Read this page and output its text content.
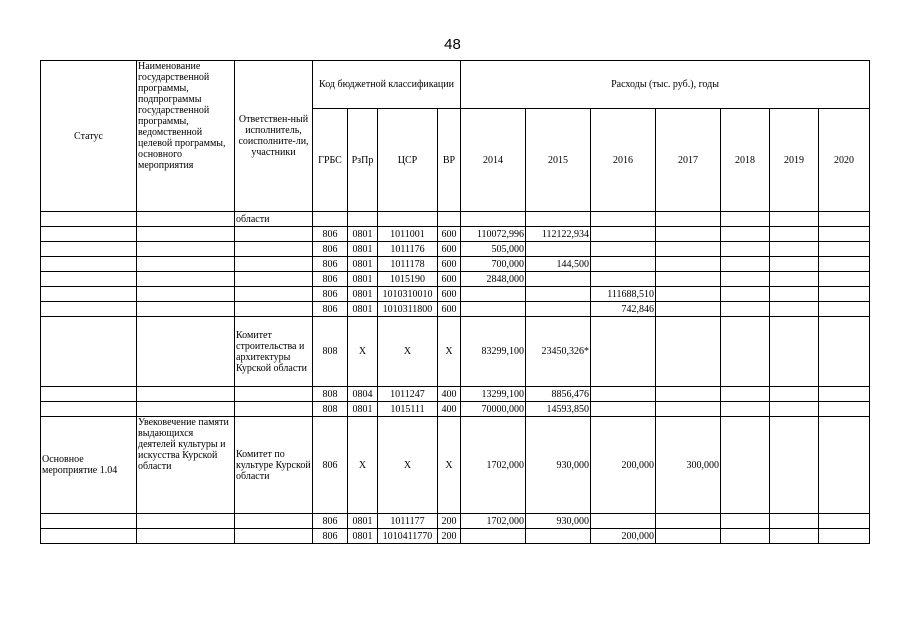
48
Статус	Наименование государственной программы, подпрограммы государственной программы, ведомственной целевой программы, основного мероприятия	Ответствен-ный исполнитель, соисполните-ли, участники	Код бюджетной классификации				Расходы (тыс. руб.), годы						
			ГРБС	РзПр	ЦСР	ВР	2014	2015	2016	2017	2018	2019	2020
		области											
			806	0801	1011001	600	110072,996	112122,934					
			806	0801	1011176	600	505,000						
			806	0801	1011178	600	700,000	144,500					
			806	0801	1015190	600	2848,000						
			806	0801	1010310010	600			111688,510				
			806	0801	1010311800	600			742,846				
		Комитет строительства и архитектуры Курской области	808	X	X	X	83299,100	23450,326*					
			808	0804	1011247	400	13299,100	8856,476					
			808	0801	1015111	400	70000,000	14593,850					
Основное мероприятие 1.04	Увековечение памяти выдающихся деятелей культуры и искусства Курской области	Комитет по культуре Курской области	806	X	X	X	1702,000	930,000	200,000	300,000			
			806	0801	1011177	200	1702,000	930,000					
			806	0801	1010411770	200			200,000				
